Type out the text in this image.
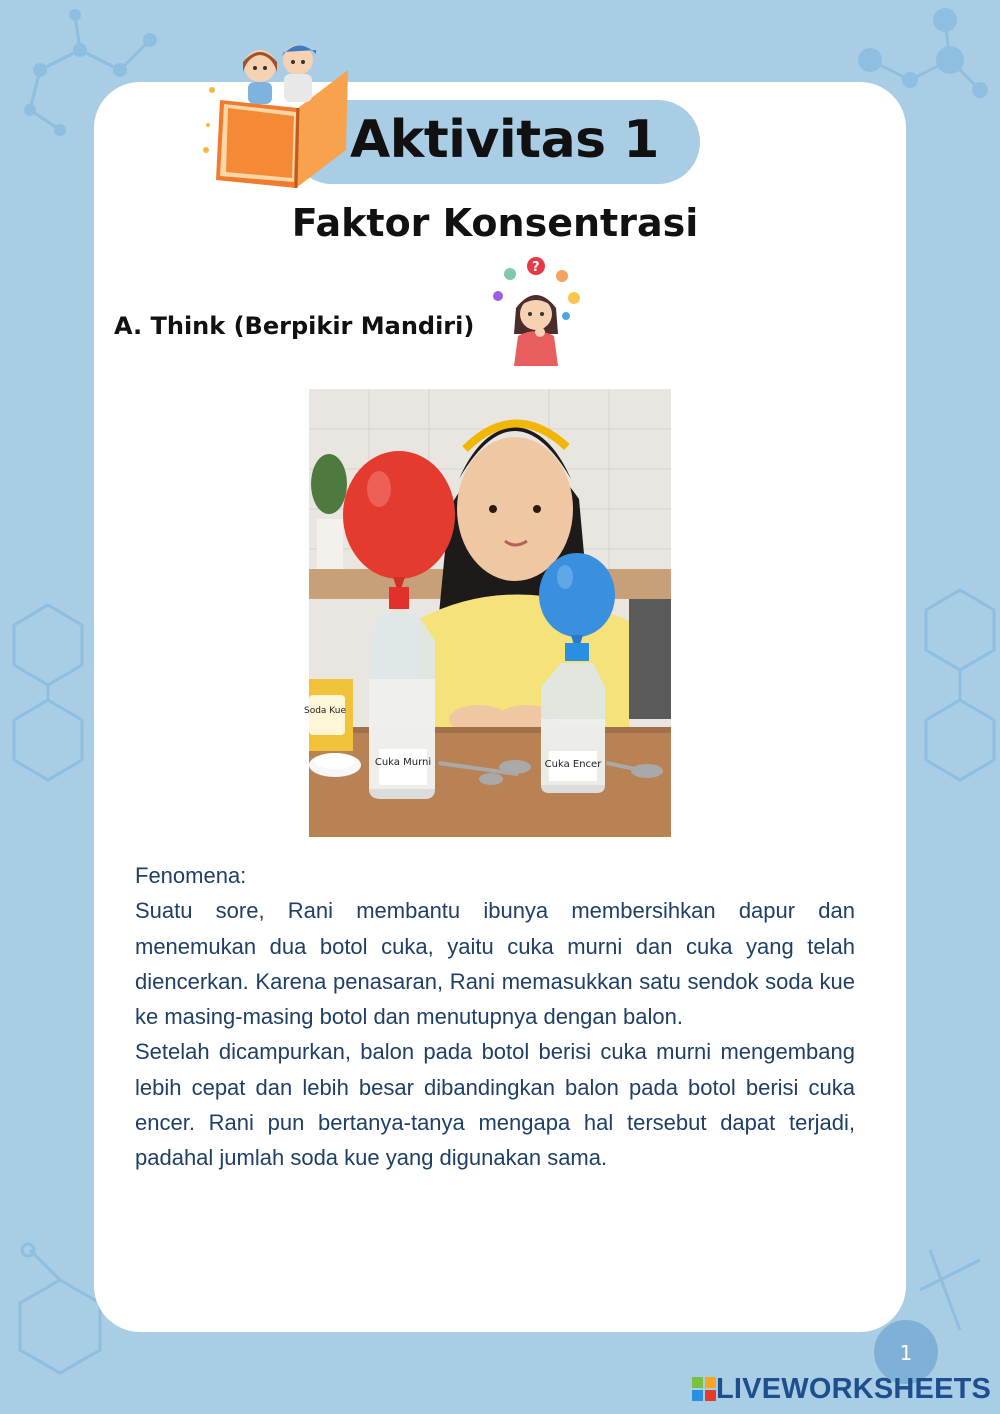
Aktivitas 1
Faktor Konsentrasi
A. Think (Berpikir Mandiri)
?
Cuka Murni	Cuka Encer
Soda Kue

Fenomena:

Suatu sore, Rani membantu ibunya membersihkan dapur dan menemukan dua botol cuka, yaitu cuka murni dan cuka yang telah diencerkan. Karena penasaran, Rani memasukkan satu sendok soda kue ke masing-masing botol dan menutupnya dengan balon.

Setelah dicampurkan, balon pada botol berisi cuka murni mengembang lebih cepat dan lebih besar dibandingkan balon pada botol berisi cuka encer. Rani pun bertanya-tanya mengapa hal tersebut dapat terjadi, padahal jumlah soda kue yang digunakan sama.

1
LIVEWORKSHEETS
